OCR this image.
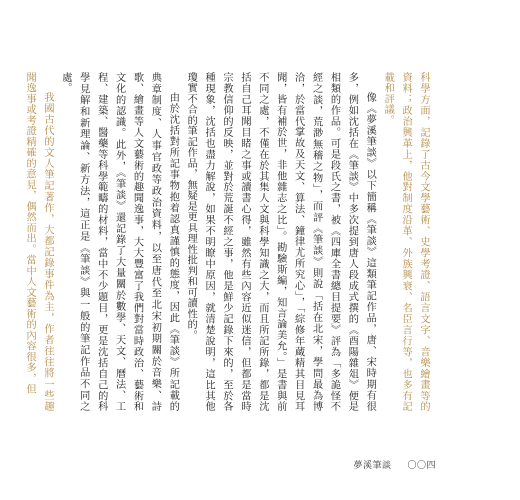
科學方面，記錄了古今文學藝術、史學考證、語言文字、音樂繪畫等的資料；政治興革上，他對制度沿革、外族興衰、名臣言行等，也多有記載和評議。

像《夢溪筆談》以下簡稱《筆談》這類筆記作品，唐、宋時期有很多，例如沈括在《筆談》中多次提到唐人段成式撰的《酉陽雜俎》便是相類的作品。可是段氏之書，被《四庫全書總目提要》評為「多詭怪不經之談，荒渺無稽之物」，而評《筆談》則說「括在北宋，學問最為博洽，於當代掌故及天文、算法、鐘律尤所究心」，「綜修年蔵精其目見耳聞，皆有補於世，非他雜志之比」。勘驗斯編，知言論美允。」是書與前不同之處，不僅在於其集人文與科學知識之大，而且所記所錄，都是沈括自己耳聞目睹之事或讀書心得，雖然有些內容近似迷信，但都是當時宗教信仰的反映，並對於荒誕不經之事，他是鮮少記錄下來的，至於各種現象，沈括也盡力解說，如果不明瞭中原因，就清楚說明，這比其他瓊實不合的筆記作品，無疑是更具理性批判和可讀性的。

由於沈括對所記事物抱着認真謹慎的態度，因此《筆談》所記載的典章制度、人事官政等政治資料，以至唐代至北宋初期關於音樂、詩歌、繪畫等人文藝術的趣聞逸事，大大豐富了我們對當時政治、藝術和文化的認識。此外，《筆談》還記錄了大量關於數學、天文、曆法、工程、建築、醫藥等科學範疇的材料，當中不少題目，更是沈括自己的科學見解和新理論、新方法，這正是《筆談》與一般的筆記作品不同之處。

我國古代的文人筆記著作，大都記錄事件為主，作者往往將一些趣聞逸事或考證精確的意見，偶然而出。當中人文藝術的內容很多，但

夢溪筆談 〇〇四
